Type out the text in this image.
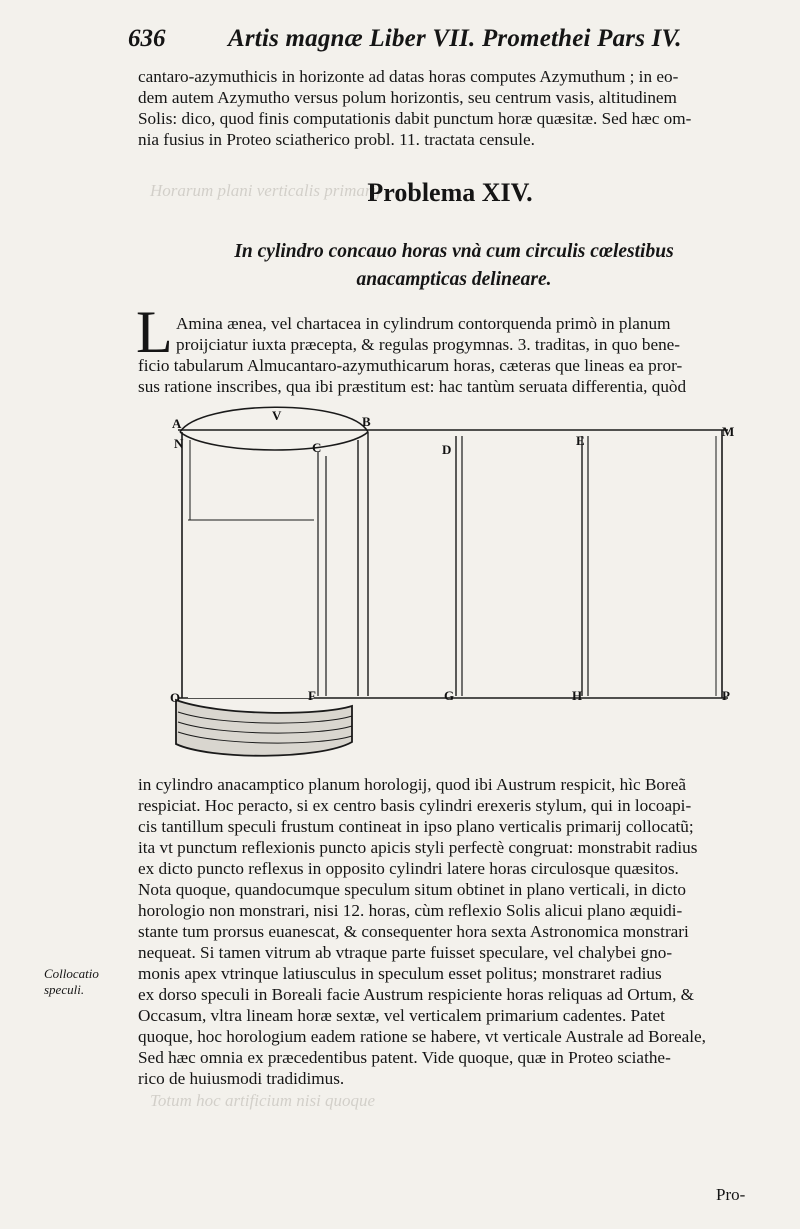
Horarum plani verticalis primarij
Totum hoc artificium nisi quoque
636	Artis magnæ Liber VII. Promethei Pars IV.
cantaro-azymuthicis in horizonte ad datas horas computes Azymuthum ; in eo-
dem autem Azymutho versus polum horizontis, seu centrum vasis, altitudinem
Solis: dico, quod finis computationis dabit punctum horæ quæsitæ. Sed hæc om-
nia fusius in Proteo sciatherico probl. 11. tractata censule.
Problema XIV.
In cylindro concauo horas vnà cum circulis cœlestibus
anacampticas delineare.
L Amina ænea, vel chartacea in cylindrum contorquenda primò in planum
proijciatur iuxta præcepta, & regulas progymnas. 3. traditas, in quo bene-
ficio tabularum Almucantaro-azymuthicarum horas, cæteras que lineas ea pror-
sus ratione inscribes, qua ibi præstitum est: hac tantùm seruata differentia, quòd
A
N
V	B
C	D
E
M
O	F	G	H	P
in cylindro anacamptico planum horologij, quod ibi Austrum respicit, hìc Boreã
respiciat. Hoc peracto, si ex centro basis cylindri erexeris stylum, qui in locoapi-
cis tantillum speculi frustum contineat in ipso plano verticalis primarij collocatũ;
ita vt punctum reflexionis puncto apicis styli perfectè congruat: monstrabit radius
ex dicto puncto reflexus in opposito cylindri latere horas circulosque quæsitos.
Nota quoque, quandocumque speculum situm obtinet in plano verticali, in dicto
horologio non monstrari, nisi 12. horas, cùm reflexio Solis alicui plano æquidi-
stante tum prorsus euanescat, & consequenter hora sexta Astronomica monstrari
nequeat. Si tamen vitrum ab vtraque parte fuisset speculare, vel chalybei gno-
monis apex vtrinque latiusculus in speculum esset politus; monstraret radius
ex dorso speculi in Boreali facie Austrum respiciente horas reliquas ad Ortum, &
Occasum, vltra lineam horæ sextæ, vel verticalem primarium cadentes. Patet
quoque, hoc horologium eadem ratione se habere, vt verticale Australe ad Boreale,
Sed hæc omnia ex præcedentibus patent. Vide quoque, quæ in Proteo sciathe-
rico de huiusmodi tradidimus.
Collocatio speculi.
Pro-
